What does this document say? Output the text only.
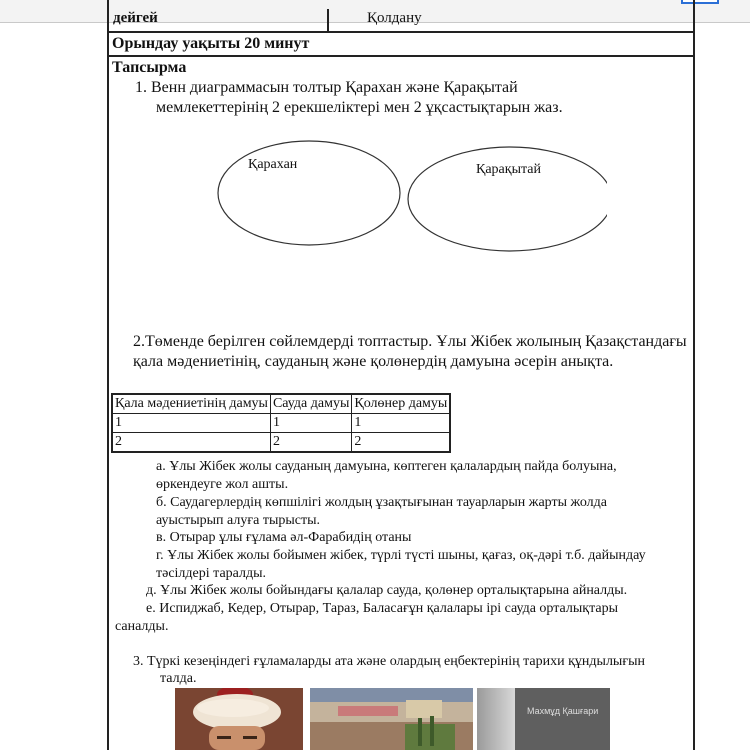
дейгей	Қолдану
Орындау уақыты 20 минут
Тапсырма
1. Венн диаграммасын толтыр Қарахан және Қарақытай
мемлекеттерінің 2 ерекшеліктері мен 2 ұқсастықтарын жаз.
Қарахан	Қарақытай
2.Төменде берілген сөйлемдерді топтастыр. Ұлы Жібек жолының Қазақстандағы қала мәдениетінің, сауданың және қолөнердің дамуына әсерін анықта.
Қала мәдениетінің дамуы	Сауда дамуы	Қолөнер дамуы
1	1	1
2	2	2
а. Ұлы Жібек жолы сауданың дамуына, көптеген қалалардың пайда болуына,
өркендеуге жол ашты.
б. Саудагерлердің көпшілігі жолдың ұзақтығынан тауарларын жарты жолда
ауыстырып алуға тырысты.
в. Отырар ұлы ғұлама әл-Фарабидің отаны
г. Ұлы Жібек жолы бойымен жібек, түрлі түсті шыны, қағаз, оқ-дәрі т.б. дайындау
тәсілдері таралды.
д. Ұлы Жібек жолы бойындағы қалалар сауда, қолөнер орталықтарына айналды.
е. Испиджаб, Кедер, Отырар, Тараз, Баласағұн қалалары ірі сауда орталықтары
саналды.
3. Түркі кезеңіндегі ғұламаларды ата және олардың еңбектерінің тарихи құндылығын
талда.
Махмұд Қашғари
